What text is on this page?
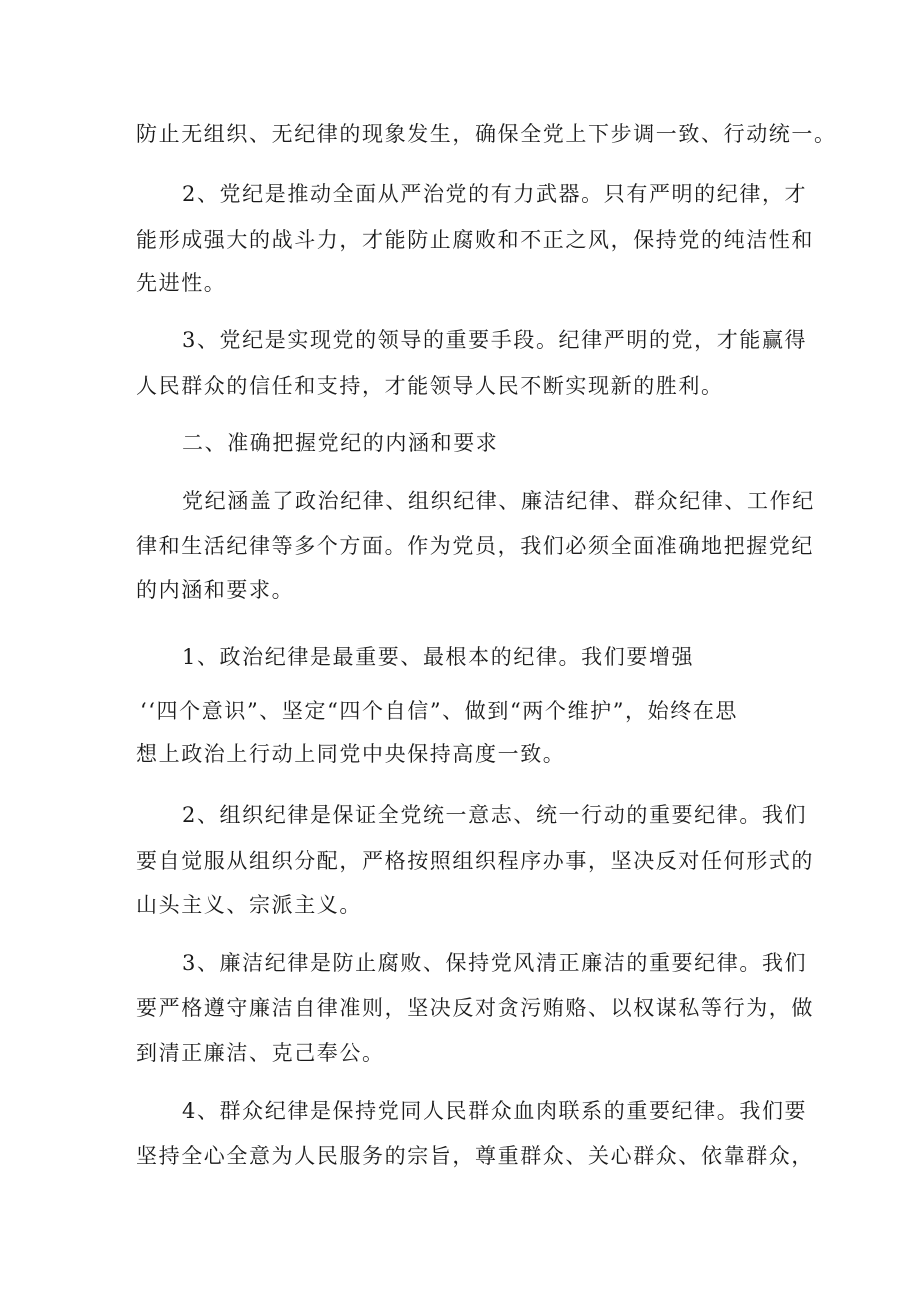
防止无组织、无纪律的现象发生，确保全党上下步调一致、行动统一。
2、党纪是推动全面从严治党的有力武器。只有严明的纪律，才
能形成强大的战斗力，才能防止腐败和不正之风，保持党的纯洁性和
先进性。
3、党纪是实现党的领导的重要手段。纪律严明的党，才能赢得
人民群众的信任和支持，才能领导人民不断实现新的胜利。
二、准确把握党纪的内涵和要求
党纪涵盖了政治纪律、组织纪律、廉洁纪律、群众纪律、工作纪
律和生活纪律等多个方面。作为党员，我们必须全面准确地把握党纪
的内涵和要求。
1、政治纪律是最重要、最根本的纪律。我们要增强
‘‘四个意识”、坚定“四个自信”、做到“两个维护”，始终在思
想上政治上行动上同党中央保持高度一致。
2、组织纪律是保证全党统一意志、统一行动的重要纪律。我们
要自觉服从组织分配，严格按照组织程序办事，坚决反对任何形式的
山头主义、宗派主义。
3、廉洁纪律是防止腐败、保持党风清正廉洁的重要纪律。我们
要严格遵守廉洁自律准则，坚决反对贪污贿赂、以权谋私等行为，做
到清正廉洁、克己奉公。
4、群众纪律是保持党同人民群众血肉联系的重要纪律。我们要
坚持全心全意为人民服务的宗旨，尊重群众、关心群众、依靠群众，
